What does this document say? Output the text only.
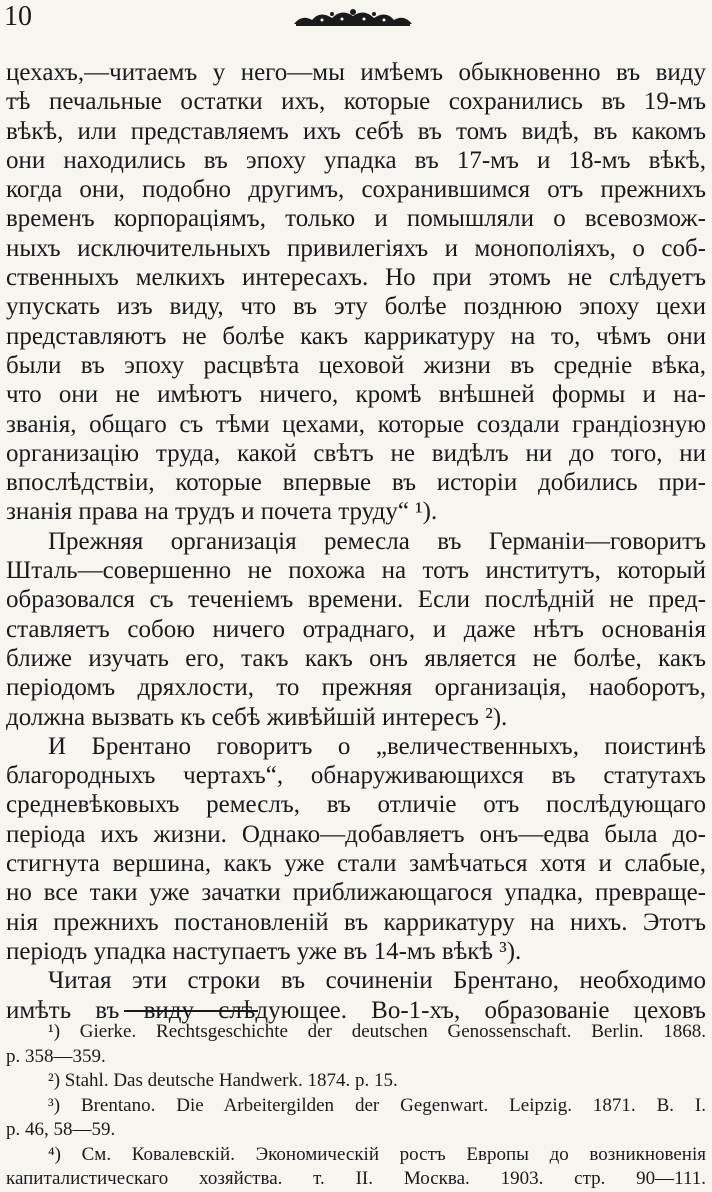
10
цехахъ,—читаемъ у него—мы имѣемъ обыкновенно въ виду
тѣ печальные остатки ихъ, которые сохранились въ 19-мъ
вѣкѣ, или представляемъ ихъ себѣ въ томъ видѣ, въ какомъ
они находились въ эпоху упадка въ 17-мъ и 18-мъ вѣкѣ,
когда они, подобно другимъ, сохранившимся отъ прежнихъ
временъ корпораціямъ, только и помышляли о всевозмож-
ныхъ исключительныхъ привилегіяхъ и монополіяхъ, о соб-
ственныхъ мелкихъ интересахъ. Но при этомъ не слѣдуетъ
упускать изъ виду, что въ эту болѣе позднюю эпоху цехи
представляютъ не болѣе какъ каррикатуру на то, чѣмъ они
были въ эпоху расцвѣта цеховой жизни въ средніе вѣка,
что они не имѣютъ ничего, кромѣ внѣшней формы и на-
званія, общаго съ тѣми цехами, которые создали грандіозную
организацію труда, какой свѣтъ не видѣлъ ни до того, ни
впослѣдствіи, которые впервые въ исторіи добились при-
знанія права на трудъ и почета труду“ ¹).
Прежняя организація ремесла въ Германіи—говоритъ
Шталь—совершенно не похожа на тотъ институтъ, который
образовался съ теченіемъ времени. Если послѣдній не пред-
ставляетъ собою ничего отраднаго, и даже нѣтъ основанія
ближе изучать его, такъ какъ онъ является не болѣе, какъ
періодомъ дряхлости, то прежняя организація, наоборотъ,
должна вызвать къ себѣ живѣйшій интересъ ²).
И Брентано говоритъ о „величественныхъ, поистинѣ
благородныхъ чертахъ“, обнаруживающихся въ статутахъ
средневѣковыхъ ремеслъ, въ отличіе отъ послѣдующаго
періода ихъ жизни. Однако—добавляетъ онъ—едва была до-
стигнута вершина, какъ уже стали замѣчаться хотя и слабые,
но все таки уже зачатки приближающагося упадка, превраще-
нія прежнихъ постановленій въ каррикатуру на нихъ. Этотъ
періодъ упадка наступаетъ уже въ 14-мъ вѣкѣ ³).
Читая эти строки въ сочиненіи Брентано, необходимо
имѣть въ виду слѣдующее. Во-1-хъ, образованіе цеховъ
¹) Gierke. Rechtsgeschichte der deutschen Genossenschaft. Berlin. 1868.
p. 358—359.
²) Stahl. Das deutsche Handwerk. 1874. p. 15.
³) Brentano. Die Arbeitergilden der Gegenwart. Leipzig. 1871. B. I.
p. 46, 58—59.
⁴) См. Ковалевскій. Экономическій ростъ Европы до возникновенія
капиталистическаго хозяйства. т. II. Москва. 1903. стр. 90—111.
